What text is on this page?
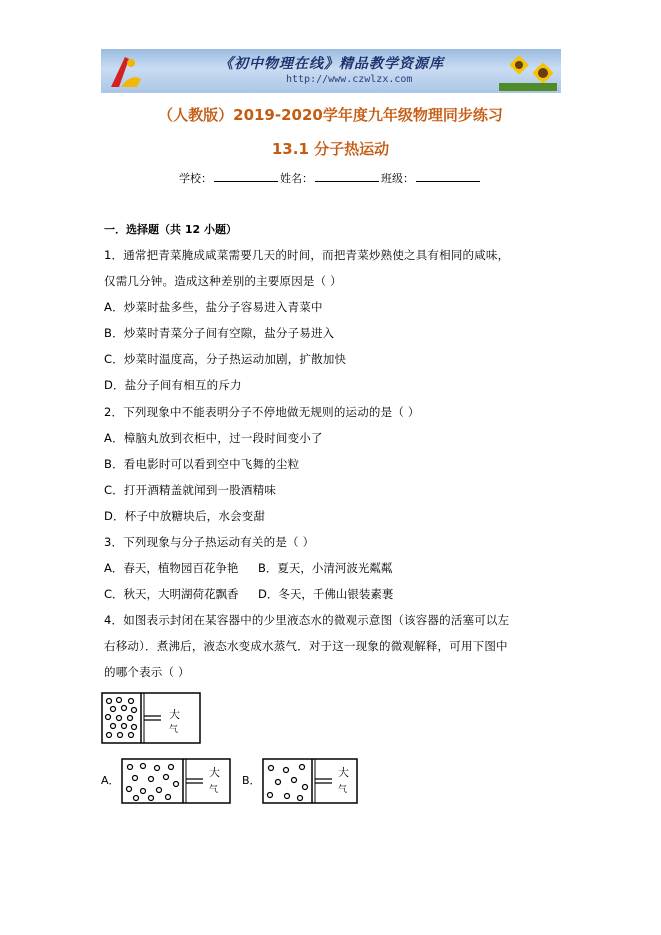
《初中物理在线》精品教学资源库
http://www.czwlzx.com
（人教版）2019-2020学年度九年级物理同步练习
13.1 分子热运动
学校：	姓名：	班级：
一．选择题（共 12 小题）
1．通常把青菜腌成咸菜需要几天的时间，而把青菜炒熟使之具有相同的咸味，
仅需几分钟。造成这种差别的主要原因是（ ）
A．炒菜时盐多些，盐分子容易进入青菜中
B．炒菜时青菜分子间有空隙，盐分子易进入
C．炒菜时温度高，分子热运动加剧，扩散加快
D．盐分子间有相互的斥力
2．下列现象中不能表明分子不停地做无规则的运动的是（ ）
A．樟脑丸放到衣柜中，过一段时间变小了
B．看电影时可以看到空中飞舞的尘粒
C．打开酒精盖就闻到一股酒精味
D．杯子中放糖块后，水会变甜
3．下列现象与分子热运动有关的是（ ）
A．春天，植物园百花争艳 B．夏天，小清河波光粼粼
C．秋天，大明湖荷花飘香 D．冬天，千佛山银装素裹
4．如图表示封闭在某容器中的少里液态水的微观示意图（该容器的活塞可以左
右移动）．煮沸后，液态水变成水蒸气．对于这一现象的微观解释，可用下图中
的哪个表示（ ）
大
气
A．
大
气
B．
大
气
